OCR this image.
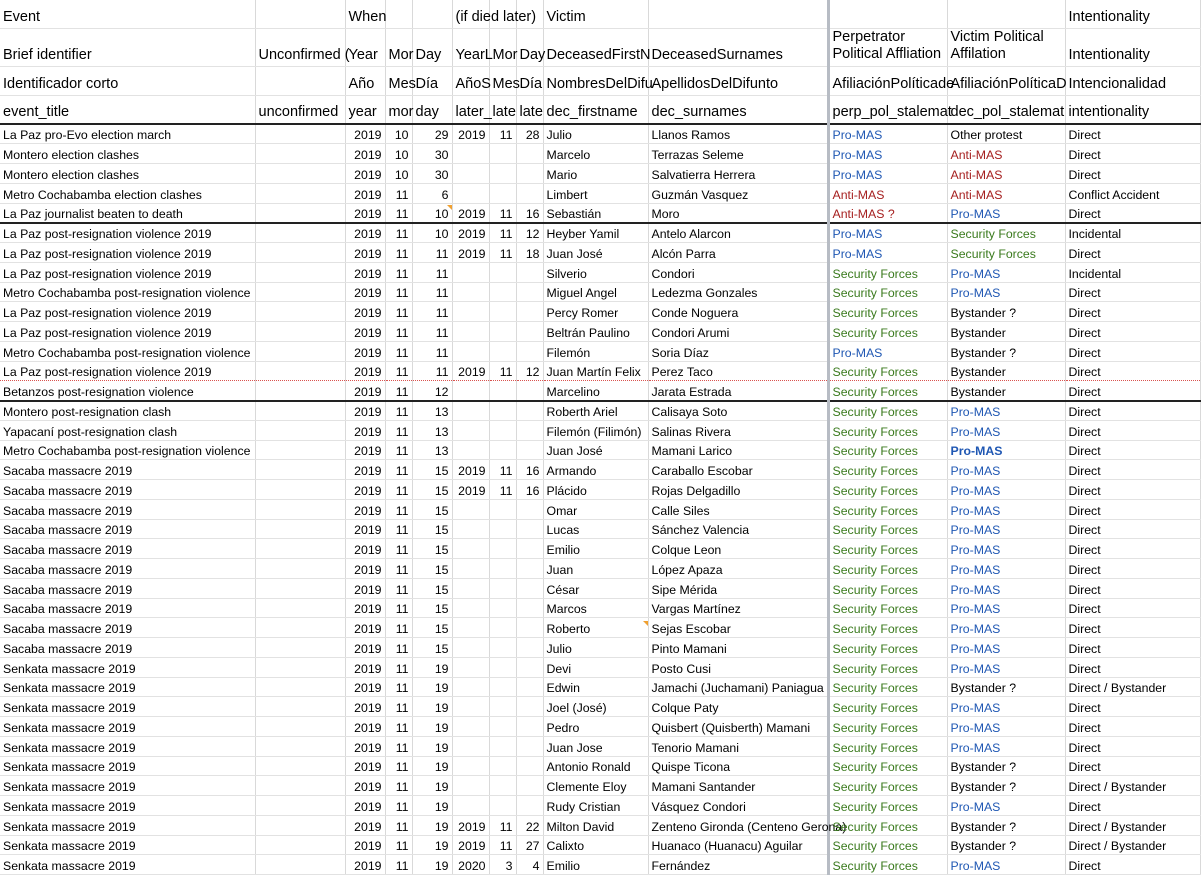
Event		When			(if died later)			Victim				Intentionality
Brief identifier	Unconfirmed (	Year	Mor	Day	YearL	Mor	Day	DeceasedFirstN	DeceasedSurnames	Perpetrator Political Affliation	Victim Political Affilation	Intentionality
Identificador corto		Año	Mes	Día	AñoS	Mes	Día	NombresDelDifu	ApellidosDelDifunto	AfiliaciónPolíticade	AfiliaciónPolíticaD	Intencionalidad
event_title	unconfirmed	year	mor	day	later_	late	late	dec_firstname	dec_surnames	perp_pol_stalemat	dec_pol_stalemat	intentionality
La Paz pro-Evo election march		2019	10	29	2019	11	28	Julio	Llanos Ramos	Pro-MAS	Other protest	Direct
Montero election clashes		2019	10	30				Marcelo	Terrazas Seleme	Pro-MAS	Anti-MAS	Direct
Montero election clashes		2019	10	30				Mario	Salvatierra Herrera	Pro-MAS	Anti-MAS	Direct
Metro Cochabamba election clashes		2019	11	6				Limbert	Guzmán Vasquez	Anti-MAS	Anti-MAS	Conflict Accident
La Paz journalist beaten to death		2019	11	10	2019	11	16	Sebastián	Moro	Anti-MAS ?	Pro-MAS	Direct
La Paz post-resignation violence 2019		2019	11	10	2019	11	12	Heyber Yamil	Antelo Alarcon	Pro-MAS	Security Forces	Incidental
La Paz post-resignation violence 2019		2019	11	11	2019	11	18	Juan José	Alcón Parra	Pro-MAS	Security Forces	Direct
La Paz post-resignation violence 2019		2019	11	11				Silverio	Condori	Security Forces	Pro-MAS	Incidental
Metro Cochabamba post-resignation violence		2019	11	11				Miguel Angel	Ledezma Gonzales	Security Forces	Pro-MAS	Direct
La Paz post-resignation violence 2019		2019	11	11				Percy Romer	Conde Noguera	Security Forces	Bystander ?	Direct
La Paz post-resignation violence 2019		2019	11	11				Beltrán Paulino	Condori Arumi	Security Forces	Bystander	Direct
Metro Cochabamba post-resignation violence		2019	11	11				Filemón	Soria Díaz	Pro-MAS	Bystander ?	Direct
La Paz post-resignation violence 2019		2019	11	11	2019	11	12	Juan Martín Felix	Perez Taco	Security Forces	Bystander	Direct
Betanzos post-resignation violence		2019	11	12				Marcelino	Jarata Estrada	Security Forces	Bystander	Direct
Montero post-resignation clash		2019	11	13				Roberth Ariel	Calisaya Soto	Security Forces	Pro-MAS	Direct
Yapacaní post-resignation clash		2019	11	13				Filemón (Filimón)	Salinas Rivera	Security Forces	Pro-MAS	Direct
Metro Cochabamba post-resignation violence		2019	11	13				Juan José	Mamani Larico	Security Forces	Pro-MAS	Direct
Sacaba massacre 2019		2019	11	15	2019	11	16	Armando	Caraballo Escobar	Security Forces	Pro-MAS	Direct
Sacaba massacre 2019		2019	11	15	2019	11	16	Plácido	Rojas Delgadillo	Security Forces	Pro-MAS	Direct
Sacaba massacre 2019		2019	11	15				Omar	Calle Siles	Security Forces	Pro-MAS	Direct
Sacaba massacre 2019		2019	11	15				Lucas	Sánchez Valencia	Security Forces	Pro-MAS	Direct
Sacaba massacre 2019		2019	11	15				Emilio	Colque Leon	Security Forces	Pro-MAS	Direct
Sacaba massacre 2019		2019	11	15				Juan	López Apaza	Security Forces	Pro-MAS	Direct
Sacaba massacre 2019		2019	11	15				César	Sipe Mérida	Security Forces	Pro-MAS	Direct
Sacaba massacre 2019		2019	11	15				Marcos	Vargas Martínez	Security Forces	Pro-MAS	Direct
Sacaba massacre 2019		2019	11	15				Roberto	Sejas Escobar	Security Forces	Pro-MAS	Direct
Sacaba massacre 2019		2019	11	15				Julio	Pinto Mamani	Security Forces	Pro-MAS	Direct
Senkata massacre 2019		2019	11	19				Devi	Posto Cusi	Security Forces	Pro-MAS	Direct
Senkata massacre 2019		2019	11	19				Edwin	Jamachi (Juchamani) Paniagua	Security Forces	Bystander ?	Direct / Bystander
Senkata massacre 2019		2019	11	19				Joel (José)	Colque Paty	Security Forces	Pro-MAS	Direct
Senkata massacre 2019		2019	11	19				Pedro	Quisbert (Quisberth) Mamani	Security Forces	Pro-MAS	Direct
Senkata massacre 2019		2019	11	19				Juan Jose	Tenorio Mamani	Security Forces	Pro-MAS	Direct
Senkata massacre 2019		2019	11	19				Antonio Ronald	Quispe Ticona	Security Forces	Bystander ?	Direct
Senkata massacre 2019		2019	11	19				Clemente Eloy	Mamani Santander	Security Forces	Bystander ?	Direct / Bystander
Senkata massacre 2019		2019	11	19				Rudy Cristian	Vásquez Condori	Security Forces	Pro-MAS	Direct
Senkata massacre 2019		2019	11	19	2019	11	22	Milton David	Zenteno Gironda (Centeno Gerona)	Security Forces	Bystander ?	Direct / Bystander
Senkata massacre 2019		2019	11	19	2019	11	27	Calixto	Huanaco (Huanacu) Aguilar	Security Forces	Bystander ?	Direct / Bystander
Senkata massacre 2019		2019	11	19	2020	3	4	Emilio	Fernández	Security Forces	Pro-MAS	Direct
